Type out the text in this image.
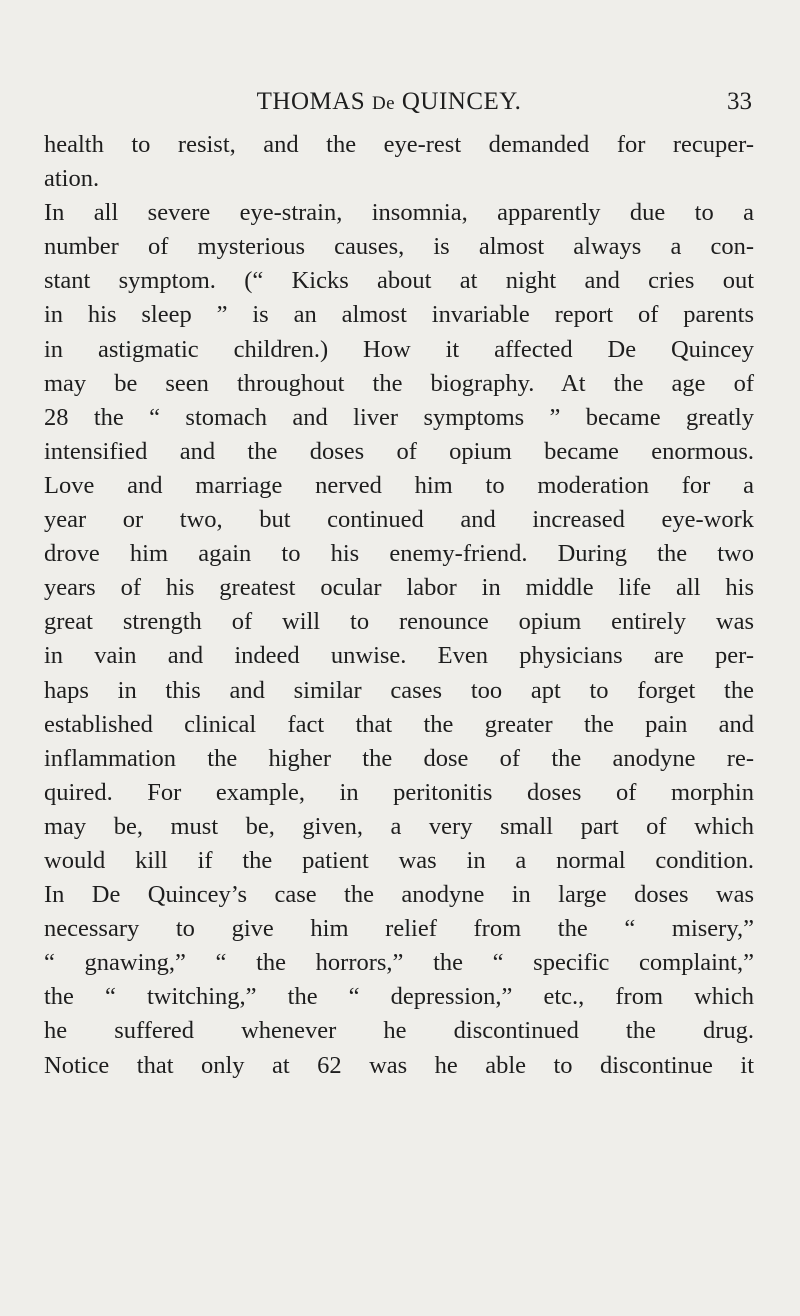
THOMAS De QUINCEY.	33
health to resist, and the eye-rest demanded for recuper-
ation.
In all severe eye-strain, insomnia, apparently due to a
number of mysterious causes, is almost always a con-
stant symptom. (“ Kicks about at night and cries out
in his sleep ” is an almost invariable report of parents
in astigmatic children.) How it affected De Quincey
may be seen throughout the biography. At the age of
28 the “ stomach and liver symptoms ” became greatly
intensified and the doses of opium became enormous.
Love and marriage nerved him to moderation for a
year or two, but continued and increased eye-work
drove him again to his enemy-friend. During the two
years of his greatest ocular labor in middle life all his
great strength of will to renounce opium entirely was
in vain and indeed unwise. Even physicians are per-
haps in this and similar cases too apt to forget the
established clinical fact that the greater the pain and
inflammation the higher the dose of the anodyne re-
quired. For example, in peritonitis doses of morphin
may be, must be, given, a very small part of which
would kill if the patient was in a normal condition.
In De Quincey’s case the anodyne in large doses was
necessary to give him relief from the “ misery,”
“ gnawing,” “ the horrors,” the “ specific complaint,”
the “ twitching,” the “ depression,” etc., from which
he suffered whenever he discontinued the drug.
Notice that only at 62 was he able to discontinue it
